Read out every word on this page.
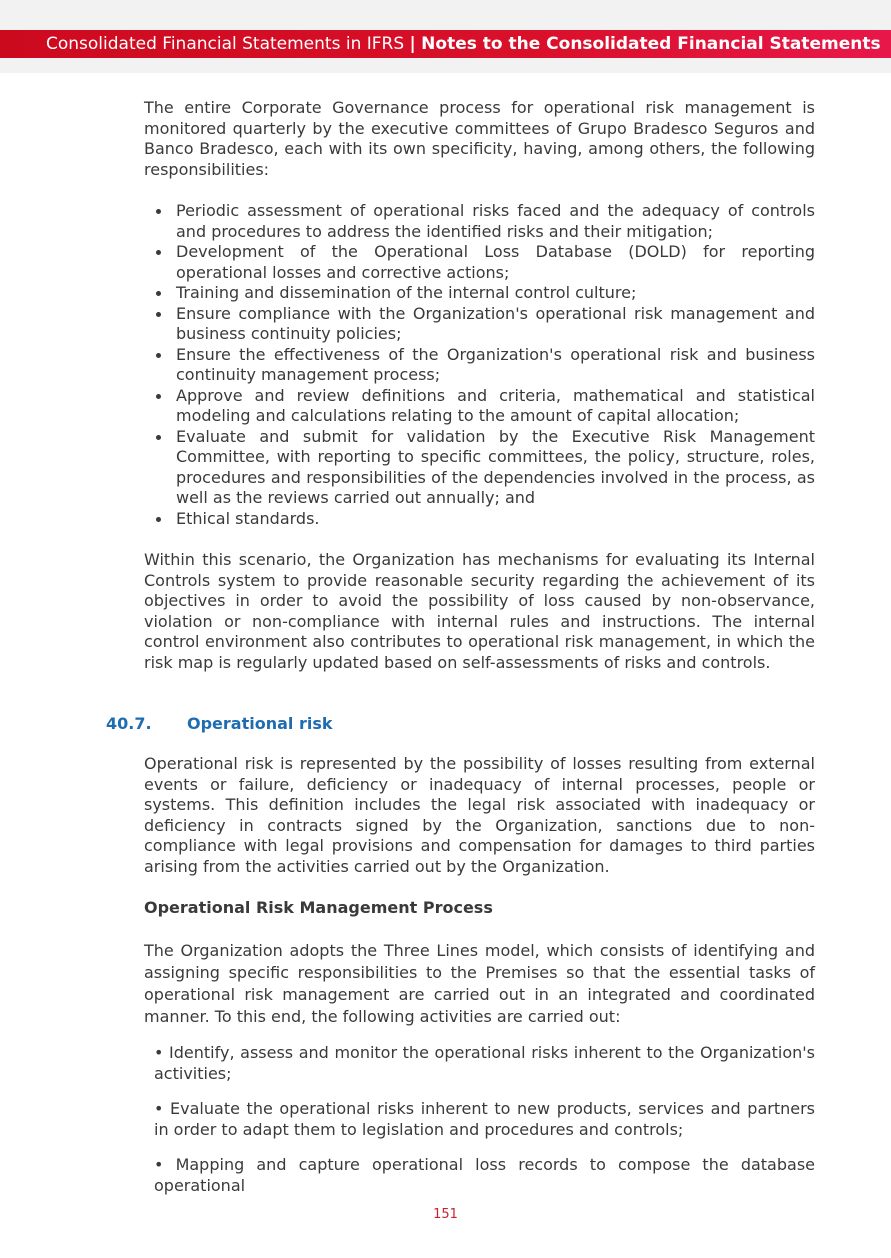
Consolidated Financial Statements in IFRS | Notes to the Consolidated Financial Statements

The entire Corporate Governance process for operational risk management is monitored quarterly by the executive committees of Grupo Bradesco Seguros and Banco Bradesco, each with its own specificity, having, among others, the following responsibilities:

Periodic assessment of operational risks faced and the adequacy of controls and procedures to address the identified risks and their mitigation;
Development of the Operational Loss Database (DOLD) for reporting operational losses and corrective actions;
Training and dissemination of the internal control culture;
Ensure compliance with the Organization's operational risk management and business continuity policies;
Ensure the effectiveness of the Organization's operational risk and business continuity management process;
Approve and review definitions and criteria, mathematical and statistical modeling and calculations relating to the amount of capital allocation;
Evaluate and submit for validation by the Executive Risk Management Committee, with reporting to specific committees, the policy, structure, roles, procedures and responsibilities of the dependencies involved in the process, as well as the reviews carried out annually; and
Ethical standards.

Within this scenario, the Organization has mechanisms for evaluating its Internal Controls system to provide reasonable security regarding the achievement of its objectives in order to avoid the possibility of loss caused by non-observance, violation or non-compliance with internal rules and instructions. The internal control environment also contributes to operational risk management, in which the risk map is regularly updated based on self-assessments of risks and controls.

40.7. Operational risk

Operational risk is represented by the possibility of losses resulting from external events or failure, deficiency or inadequacy of internal processes, people or systems. This definition includes the legal risk associated with inadequacy or deficiency in contracts signed by the Organization, sanctions due to non-compliance with legal provisions and compensation for damages to third parties arising from the activities carried out by the Organization.

Operational Risk Management Process

The Organization adopts the Three Lines model, which consists of identifying and assigning specific responsibilities to the Premises so that the essential tasks of operational risk management are carried out in an integrated and coordinated manner. To this end, the following activities are carried out:

• Identify, assess and monitor the operational risks inherent to the Organization's activities;
• Evaluate the operational risks inherent to new products, services and partners in order to adapt them to legislation and procedures and controls;
• Mapping and capture operational loss records to compose the database operational
151
